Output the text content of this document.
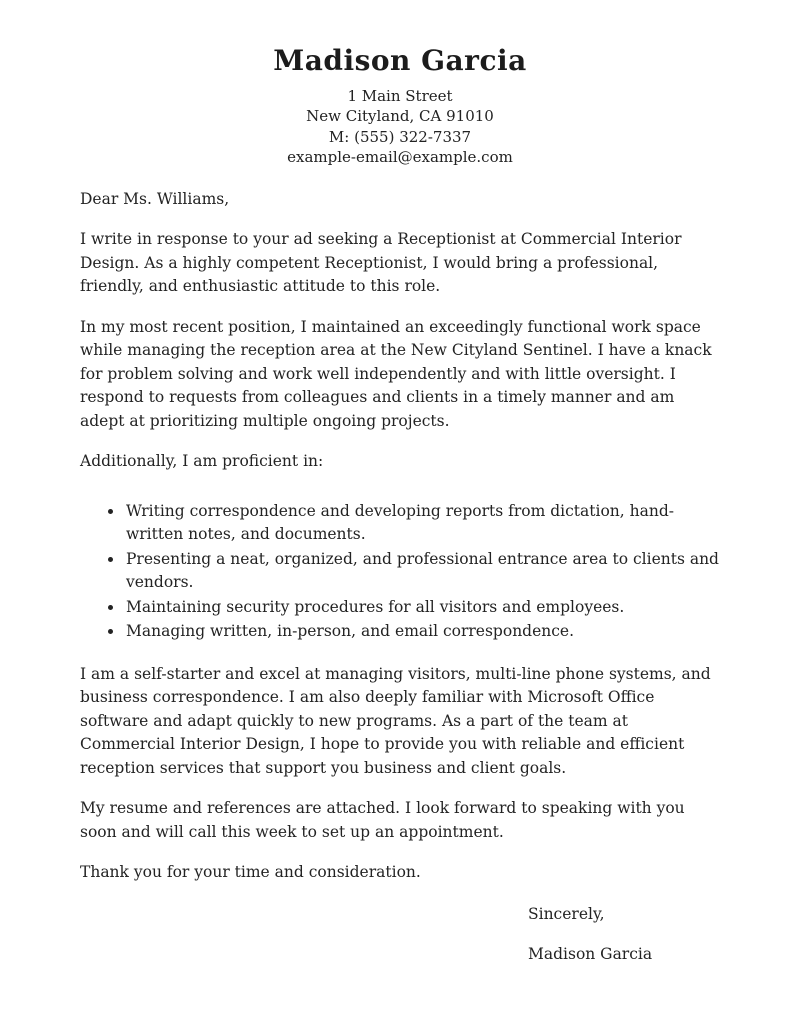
Madison Garcia
1 Main Street
New Cityland, CA 91010
M: (555) 322-7337
example-email@example.com

Dear Ms. Williams,

I write in response to your ad seeking a Receptionist at Commercial Interior Design. As a highly competent Receptionist, I would bring a professional, friendly, and enthusiastic attitude to this role.

In my most recent position, I maintained an exceedingly functional work space while managing the reception area at the New Cityland Sentinel. I have a knack for problem solving and work well independently and with little oversight. I respond to requests from colleagues and clients in a timely manner and am adept at prioritizing multiple ongoing projects.

Additionally, I am proficient in:

• Writing correspondence and developing reports from dictation, hand-written notes, and documents.
• Presenting a neat, organized, and professional entrance area to clients and vendors.
• Maintaining security procedures for all visitors and employees.
• Managing written, in-person, and email correspondence.

I am a self-starter and excel at managing visitors, multi-line phone systems, and business correspondence. I am also deeply familiar with Microsoft Office software and adapt quickly to new programs. As a part of the team at Commercial Interior Design, I hope to provide you with reliable and efficient reception services that support you business and client goals.

My resume and references are attached. I look forward to speaking with you soon and will call this week to set up an appointment.

Thank you for your time and consideration.

Sincerely,

Madison Garcia
